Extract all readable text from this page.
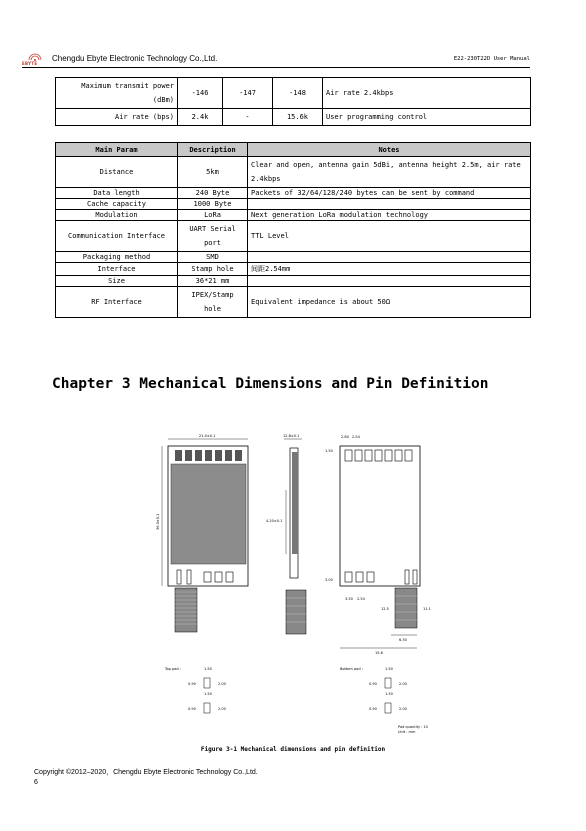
EBYTE
Chengdu Ebyte Electronic Technology Co.,Ltd.	E22-230T22D User Manual
Maximum transmit power (dBm)	-146	-147	-148	Air rate 2.4kbps
Air rate (bps)	2.4k	-	15.6k	User programming control
Main Param	Description	Notes
Distance	5km	Clear and open, antenna gain 5dBi, antenna height 2.5m, air rate 2.4kbps
Data length	240 Byte	Packets of 32/64/128/240 bytes can be sent by command
Cache capacity	1000 Byte	
Modulation	LoRa	Next generation LoRa modulation technology
Communication Interface	UART Serial port	TTL Level
Packaging method	SMD	
Interface	Stamp hole	间距2.54mm
Size	36*21 mm	
RF Interface	IPEX/Stamp hole	Equivalent impedance is about 50Ω
Chapter 3 Mechanical Dimensions and Pin Definition
21.0±0.1
36.0±0.1
12.8±0.1
4.20±0.1
2.80 2.54
1.50
3.00
3.50 2.54
12.5	11.1
6.30
15.6
Top pad :	1.50
0.90	2.00
1.50
0.90	2.00
Bottom pad :	1.50
0.90	2.00
1.50
0.90	2.00
Pad quantity : 10
Unit : mm
Figure 3-1 Mechanical dimensions and pin definition
Copyright ©2012–2020，Chengdu Ebyte Electronic Technology Co.,Ltd.
6
